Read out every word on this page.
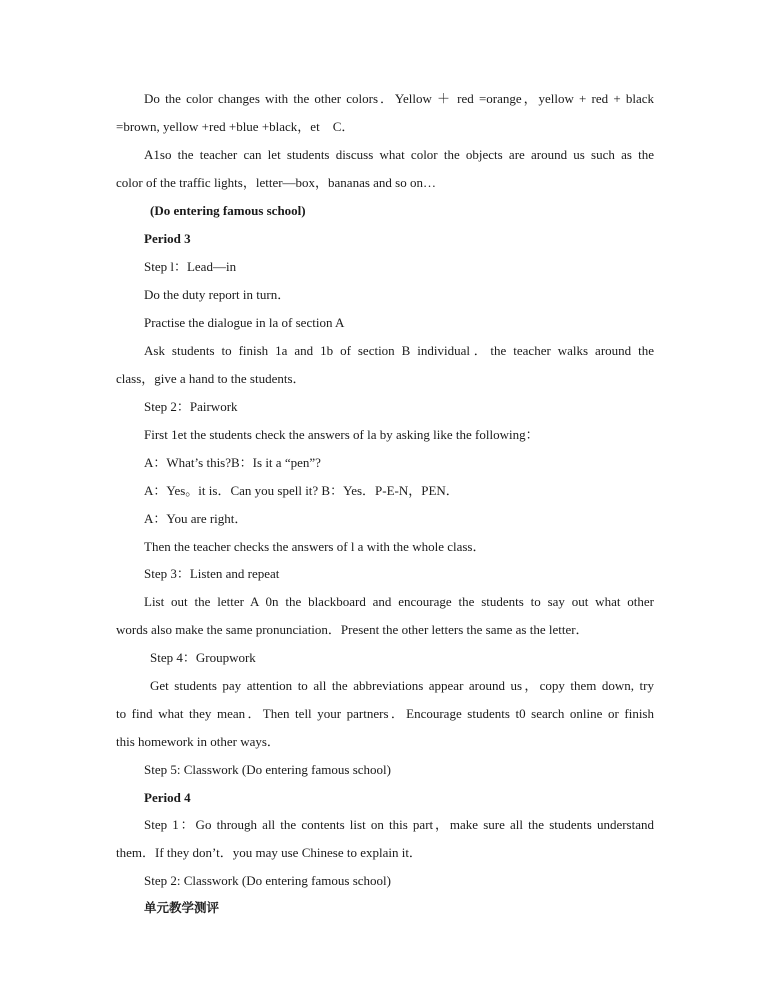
Do the color changes with the other colors．Yellow ＋ red =orange，yellow + red + black
=brown, yellow +red +blue +black，et　C．
A1so the teacher can let students discuss what color the objects are around us such as the
color of the traffic lights，letter—box，bananas and so on…
(Do entering famous school)
Period 3
Step l：Lead—in
Do the duty report in turn．
Practise the dialogue in la of section A
Ask students to finish 1a and 1b of section B individual．the teacher walks around the
class，give a hand to the students．
Step 2：Pairwork
First 1et the students check the answers of la by asking like the following：
A：What’s this?B：Is it a “pen”?
A：Yes。it is．Can you spell it? B：Yes．P-E-N，PEN．
A：You are right．
Then the teacher checks the answers of l a with the whole class．
Step 3：Listen and repeat
List out the letter A 0n the blackboard and encourage the students to say out what other
words also make the same pronunciation．Present the other letters the same as the letter．
Step 4：Groupwork
Get students pay attention to all the abbreviations appear around us，copy them down, try
to find what they mean．Then tell your partners．Encourage students t0 search online or finish
this homework in other ways．
Step 5: Classwork (Do entering famous school)
Period 4
Step 1：Go through all the contents list on this part，make sure all the students understand
them．If they don’t．you may use Chinese to explain it．
Step 2: Classwork (Do entering famous school)
单元教学测评
